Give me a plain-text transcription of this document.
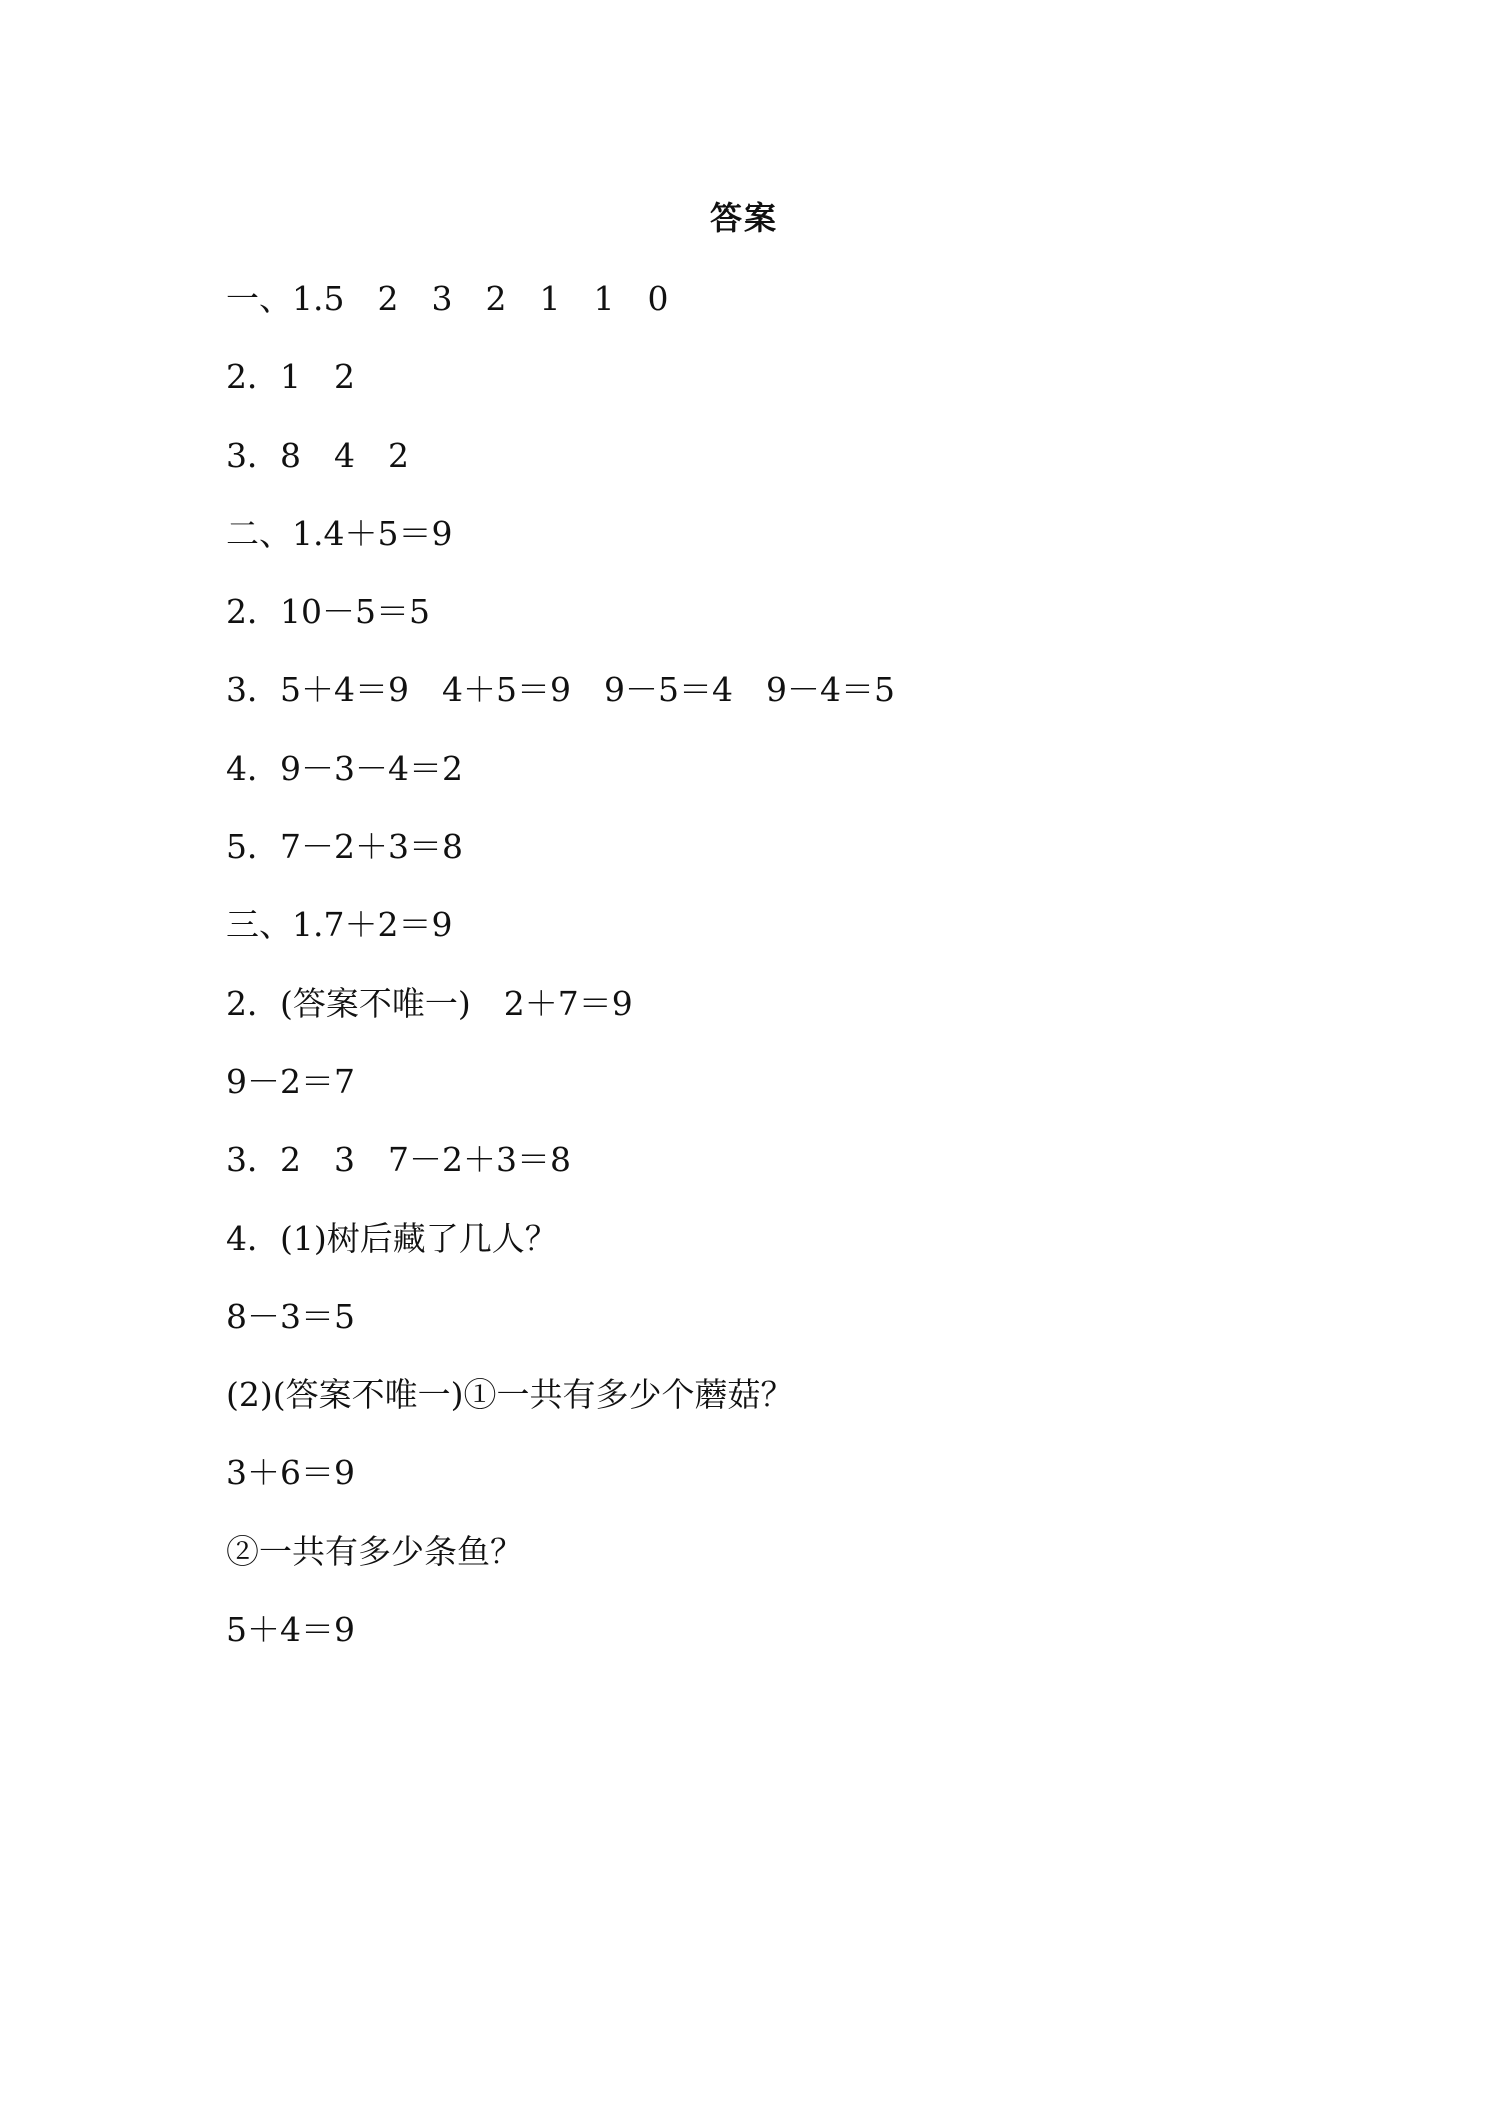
答案
一、1.5　2　3　2　1　1　0
2．1　2
3．8　4　2
二、1.4＋5＝9
2．10－5＝5
3．5＋4＝9　4＋5＝9　9－5＝4　9－4＝5
4．9－3－4＝2
5．7－2＋3＝8
三、1.7＋2＝9
2．(答案不唯一)　2＋7＝9
9－2＝7
3．2　3　7－2＋3＝8
4．(1)树后藏了几人？
8－3＝5
(2)(答案不唯一)①一共有多少个蘑菇？
3＋6＝9
②一共有多少条鱼？
5＋4＝9
